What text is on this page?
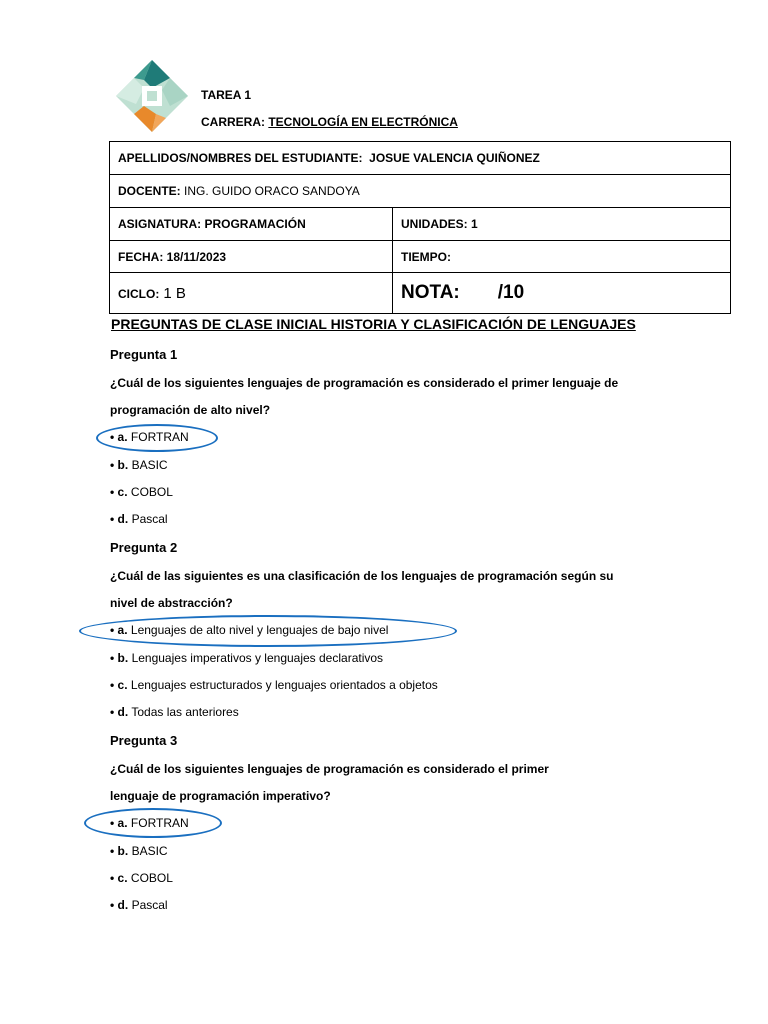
TAREA 1
CARRERA: TECNOLOGÍA EN ELECTRÓNICA
APELLIDOS/NOMBRES DEL ESTUDIANTE: JOSUE VALENCIA QUIÑONEZ	
DOCENTE: ING. GUIDO ORACO SANDOYA	
ASIGNATURA: PROGRAMACIÓN	UNIDADES: 1
FECHA: 18/11/2023	TIEMPO:
CICLO: 1 B	NOTA: /10
PREGUNTAS DE CLASE INICIAL HISTORIA Y CLASIFICACIÓN DE LENGUAJES
Pregunta 1
¿Cuál de los siguientes lenguajes de programación es considerado el primer lenguaje de
programación de alto nivel?
• a. FORTRAN
• b. BASIC
• c. COBOL
• d. Pascal
Pregunta 2
¿Cuál de las siguientes es una clasificación de los lenguajes de programación según su
nivel de abstracción?
• a. Lenguajes de alto nivel y lenguajes de bajo nivel
• b. Lenguajes imperativos y lenguajes declarativos
• c. Lenguajes estructurados y lenguajes orientados a objetos
• d. Todas las anteriores
Pregunta 3
¿Cuál de los siguientes lenguajes de programación es considerado el primer
lenguaje de programación imperativo?
• a. FORTRAN
• b. BASIC
• c. COBOL
• d. Pascal
